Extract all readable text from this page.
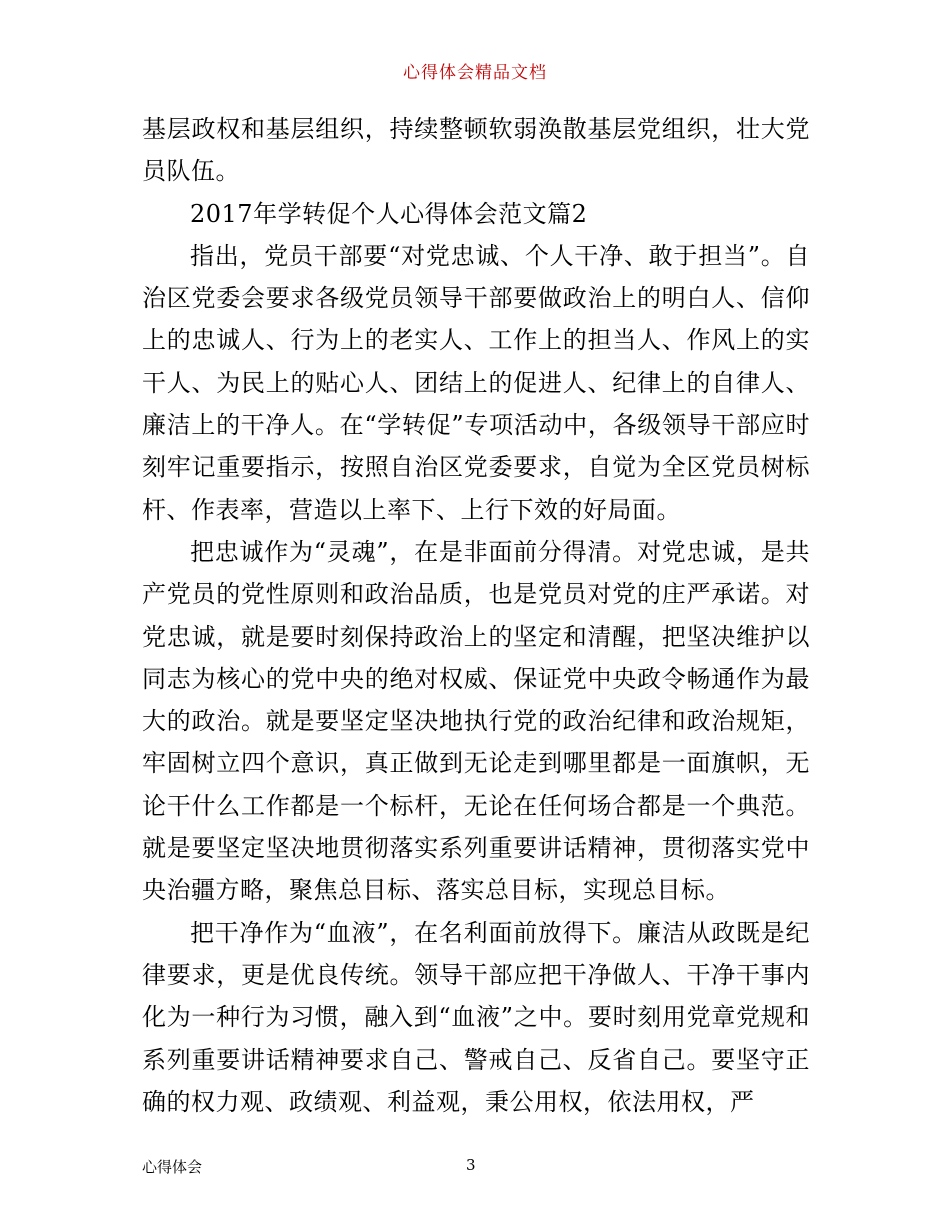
心得体会精品文档

基层政权和基层组织，持续整顿软弱涣散基层党组织，壮大党员队伍。

2017年学转促个人心得体会范文篇2

指出，党员干部要“对党忠诚、个人干净、敢于担当”。自治区党委会要求各级党员领导干部要做政治上的明白人、信仰上的忠诚人、行为上的老实人、工作上的担当人、作风上的实干人、为民上的贴心人、团结上的促进人、纪律上的自律人、廉洁上的干净人。在“学转促”专项活动中，各级领导干部应时刻牢记重要指示，按照自治区党委要求，自觉为全区党员树标杆、作表率，营造以上率下、上行下效的好局面。

把忠诚作为“灵魂”，在是非面前分得清。对党忠诚，是共产党员的党性原则和政治品质，也是党员对党的庄严承诺。对党忠诚，就是要时刻保持政治上的坚定和清醒，把坚决维护以同志为核心的党中央的绝对权威、保证党中央政令畅通作为最大的政治。就是要坚定坚决地执行党的政治纪律和政治规矩，牢固树立四个意识，真正做到无论走到哪里都是一面旗帜，无论干什么工作都是一个标杆，无论在任何场合都是一个典范。就是要坚定坚决地贯彻落实系列重要讲话精神，贯彻落实党中央治疆方略，聚焦总目标、落实总目标，实现总目标。

把干净作为“血液”，在名利面前放得下。廉洁从政既是纪律要求，更是优良传统。领导干部应把干净做人、干净干事内化为一种行为习惯，融入到“血液”之中。要时刻用党章党规和系列重要讲话精神要求自己、警戒自己、反省自己。要坚守正确的权力观、政绩观、利益观，秉公用权，依法用权，严

心得体会	3
